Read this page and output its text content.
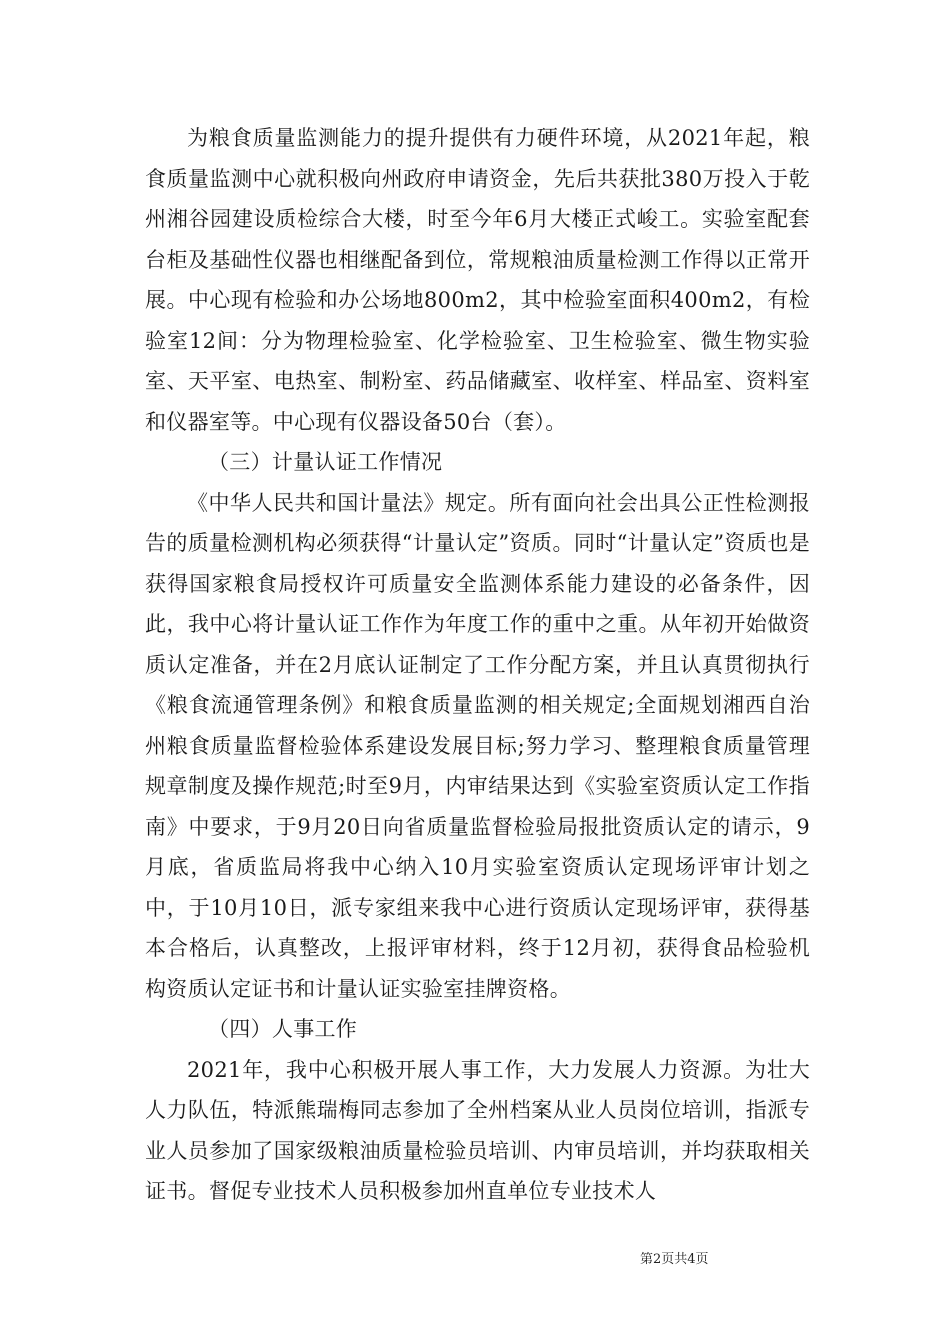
为粮食质量监测能力的提升提供有力硬件环境，从2021年起，粮食质量监测中心就积极向州政府申请资金，先后共获批380万投入于乾州湘谷园建设质检综合大楼，时至今年6月大楼正式峻工。实验室配套台柜及基础性仪器也相继配备到位，常规粮油质量检测工作得以正常开展。中心现有检验和办公场地800m2，其中检验室面积400m2，有检验室12间：分为物理检验室、化学检验室、卫生检验室、微生物实验室、天平室、电热室、制粉室、药品储藏室、收样室、样品室、资料室和仪器室等。中心现有仪器设备50台（套）。

（三）计量认证工作情况

《中华人民共和国计量法》规定。所有面向社会出具公正性检测报告的质量检测机构必须获得“计量认定”资质。同时“计量认定”资质也是获得国家粮食局授权许可质量安全监测体系能力建设的必备条件，因此，我中心将计量认证工作作为年度工作的重中之重。从年初开始做资质认定准备，并在2月底认证制定了工作分配方案，并且认真贯彻执行《粮食流通管理条例》和粮食质量监测的相关规定;全面规划湘西自治州粮食质量监督检验体系建设发展目标;努力学习、整理粮食质量管理规章制度及操作规范;时至9月，内审结果达到《实验室资质认定工作指南》中要求，于9月20日向省质量监督检验局报批资质认定的请示，9月底，省质监局将我中心纳入10月实验室资质认定现场评审计划之中，于10月10日，派专家组来我中心进行资质认定现场评审，获得基本合格后，认真整改，上报评审材料，终于12月初，获得食品检验机构资质认定证书和计量认证实验室挂牌资格。

（四）人事工作

2021年，我中心积极开展人事工作，大力发展人力资源。为壮大人力队伍，特派熊瑞梅同志参加了全州档案从业人员岗位培训，指派专业人员参加了国家级粮油质量检验员培训、内审员培训，并均获取相关证书。督促专业技术人员积极参加州直单位专业技术人

第2页共4页
